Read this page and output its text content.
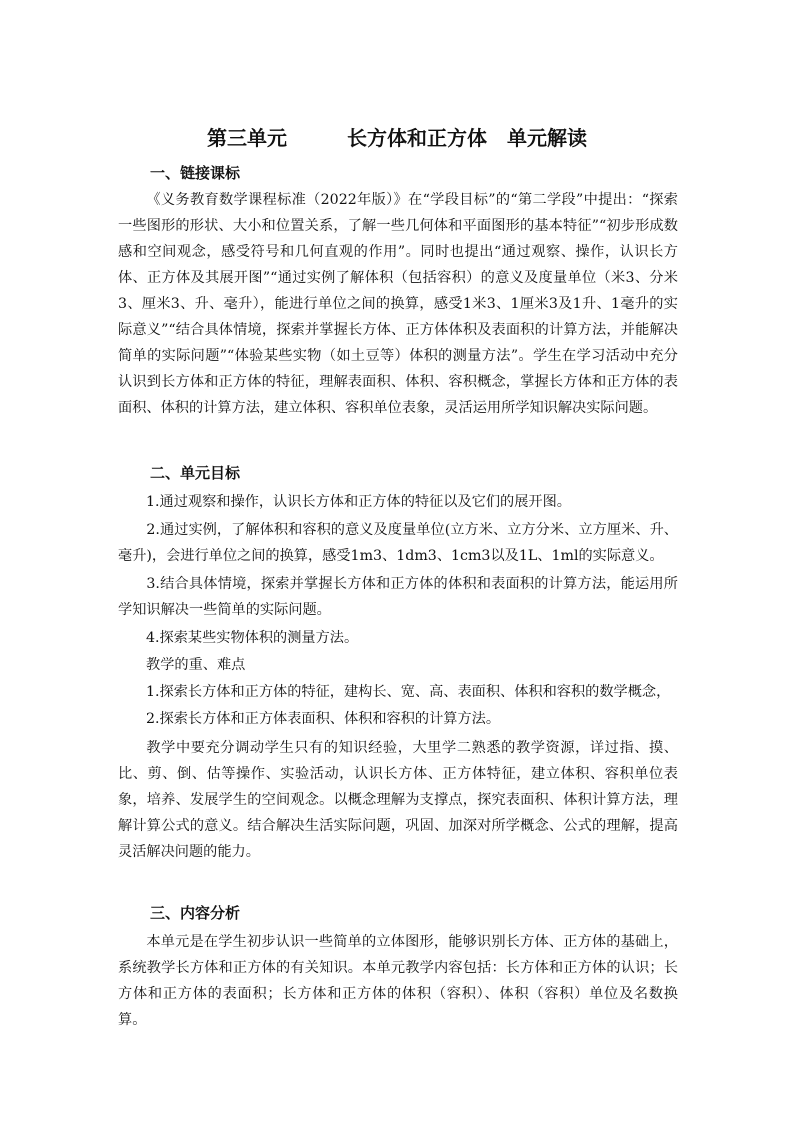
第三单元　　　长方体和正方体　单元解读
一、链接课标
《义务教育数学课程标准（2022年版）》在“学段目标”的“第二学段”中提出：“探索一些图形的形状、大小和位置关系，了解一些几何体和平面图形的基本特征”“初步形成数感和空间观念，感受符号和几何直观的作用”。同时也提出“通过观察、操作，认识长方体、正方体及其展开图”“通过实例了解体积（包括容积）的意义及度量单位（米3、分米3、厘米3、升、毫升），能进行单位之间的换算，感受1米3、1厘米3及1升、1毫升的实际意义”“结合具体情境，探索并掌握长方体、正方体体积及表面积的计算方法，并能解决简单的实际问题”“体验某些实物（如土豆等）体积的测量方法”。学生在学习活动中充分认识到长方体和正方体的特征，理解表面积、体积、容积概念，掌握长方体和正方体的表面积、体积的计算方法，建立体积、容积单位表象，灵活运用所学知识解决实际问题。
二、单元目标
1.通过观察和操作，认识长方体和正方体的特征以及它们的展开图。
2.通过实例，了解体积和容积的意义及度量单位(立方米、立方分米、立方厘米、升、毫升)，会进行单位之间的换算，感受1m3、1dm3、1cm3以及1L、1ml的实际意义。
3.结合具体情境，探索并掌握长方体和正方体的体积和表面积的计算方法，能运用所学知识解决一些简单的实际问题。
4.探索某些实物体积的测量方法。
教学的重、难点
1.探索长方体和正方体的特征，建构长、宽、高、表面积、体积和容积的数学概念，
2.探索长方体和正方体表面积、体积和容积的计算方法。
教学中要充分调动学生只有的知识经验，大里学二熟悉的教学资源，详过指、摸、比、剪、倒、估等操作、实验活动，认识长方体、正方体特征，建立体积、容积单位表象，培养、发展学生的空间观念。以概念理解为支撑点，探究表面积、体积计算方法，理解计算公式的意义。结合解决生活实际问题，巩固、加深对所学概念、公式的理解，提高灵活解决问题的能力。
三、内容分析
本单元是在学生初步认识一些简单的立体图形，能够识别长方体、正方体的基础上，系统教学长方体和正方体的有关知识。本单元教学内容包括：长方体和正方体的认识；长方体和正方体的表面积；长方体和正方体的体积（容积）、体积（容积）单位及名数换算。
